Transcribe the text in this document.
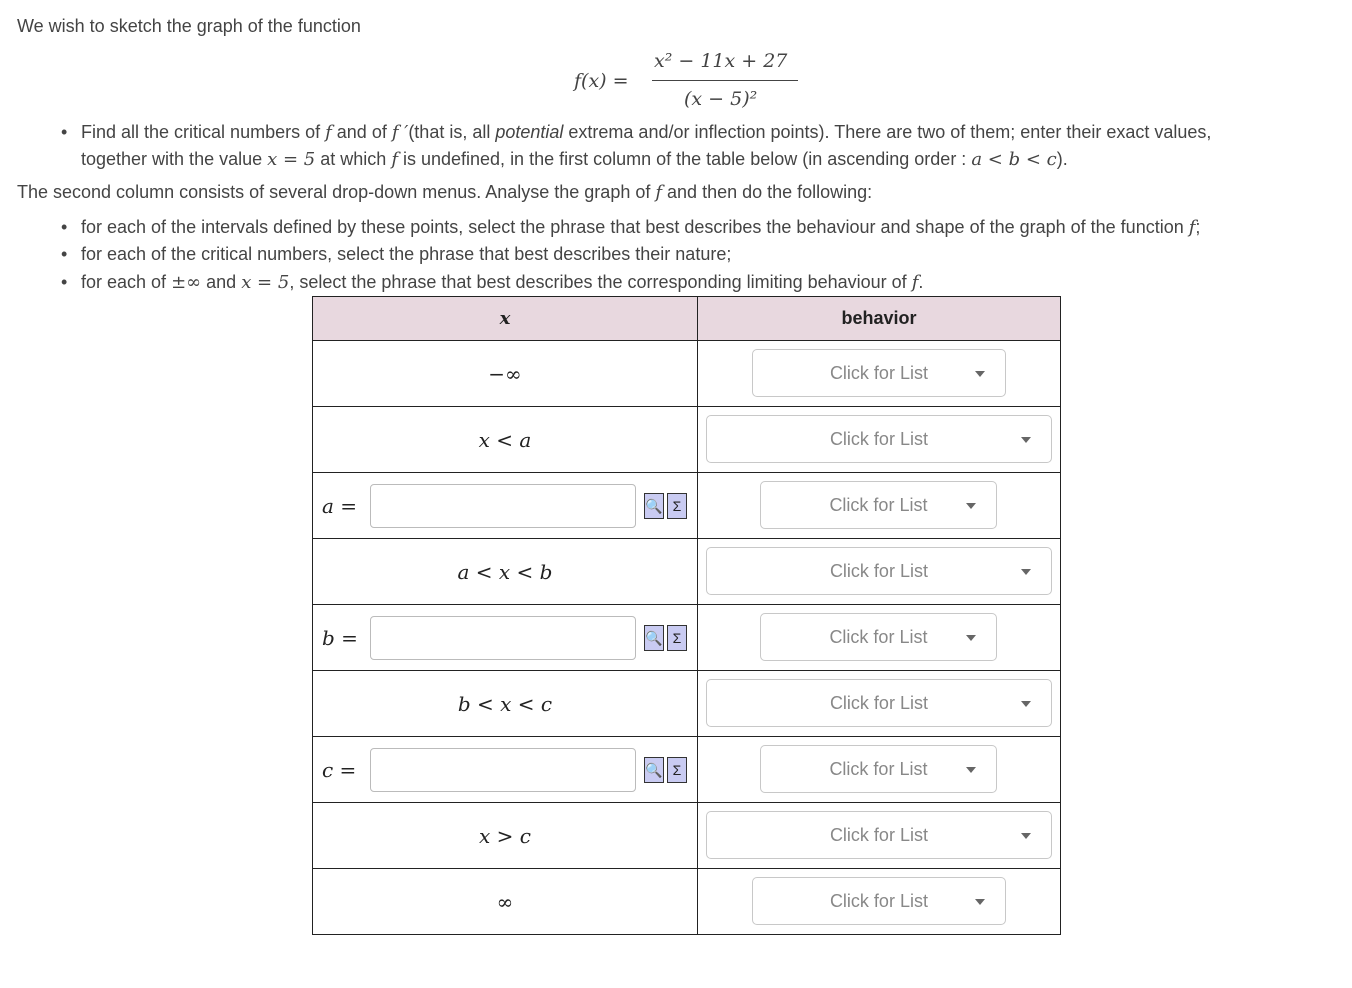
We wish to sketch the graph of the function
f(x) =
x² − 11x + 27
(x − 5)²
• Find all the critical numbers of f and of f ′(that is, all potential extrema and/or inflection points). There are two of them; enter their exact values,
together with the value x = 5 at which f is undefined, in the first column of the table below (in ascending order : a < b < c).
The second column consists of several drop-down menus. Analyse the graph of f and then do the following:
• for each of the intervals defined by these points, select the phrase that best describes the behaviour and shape of the graph of the function f;
• for each of the critical numbers, select the phrase that best describes their nature;
• for each of ±∞ and x = 5, select the phrase that best describes the corresponding limiting behaviour of f.
x	behavior
−∞	Click for List

x < a	Click for List

a = 🔍 Σ	Click for List

a < x < b	Click for List

b = 🔍 Σ	Click for List

b < x < c	Click for List

c = 🔍 Σ	Click for List

x > c	Click for List

∞	Click for List
